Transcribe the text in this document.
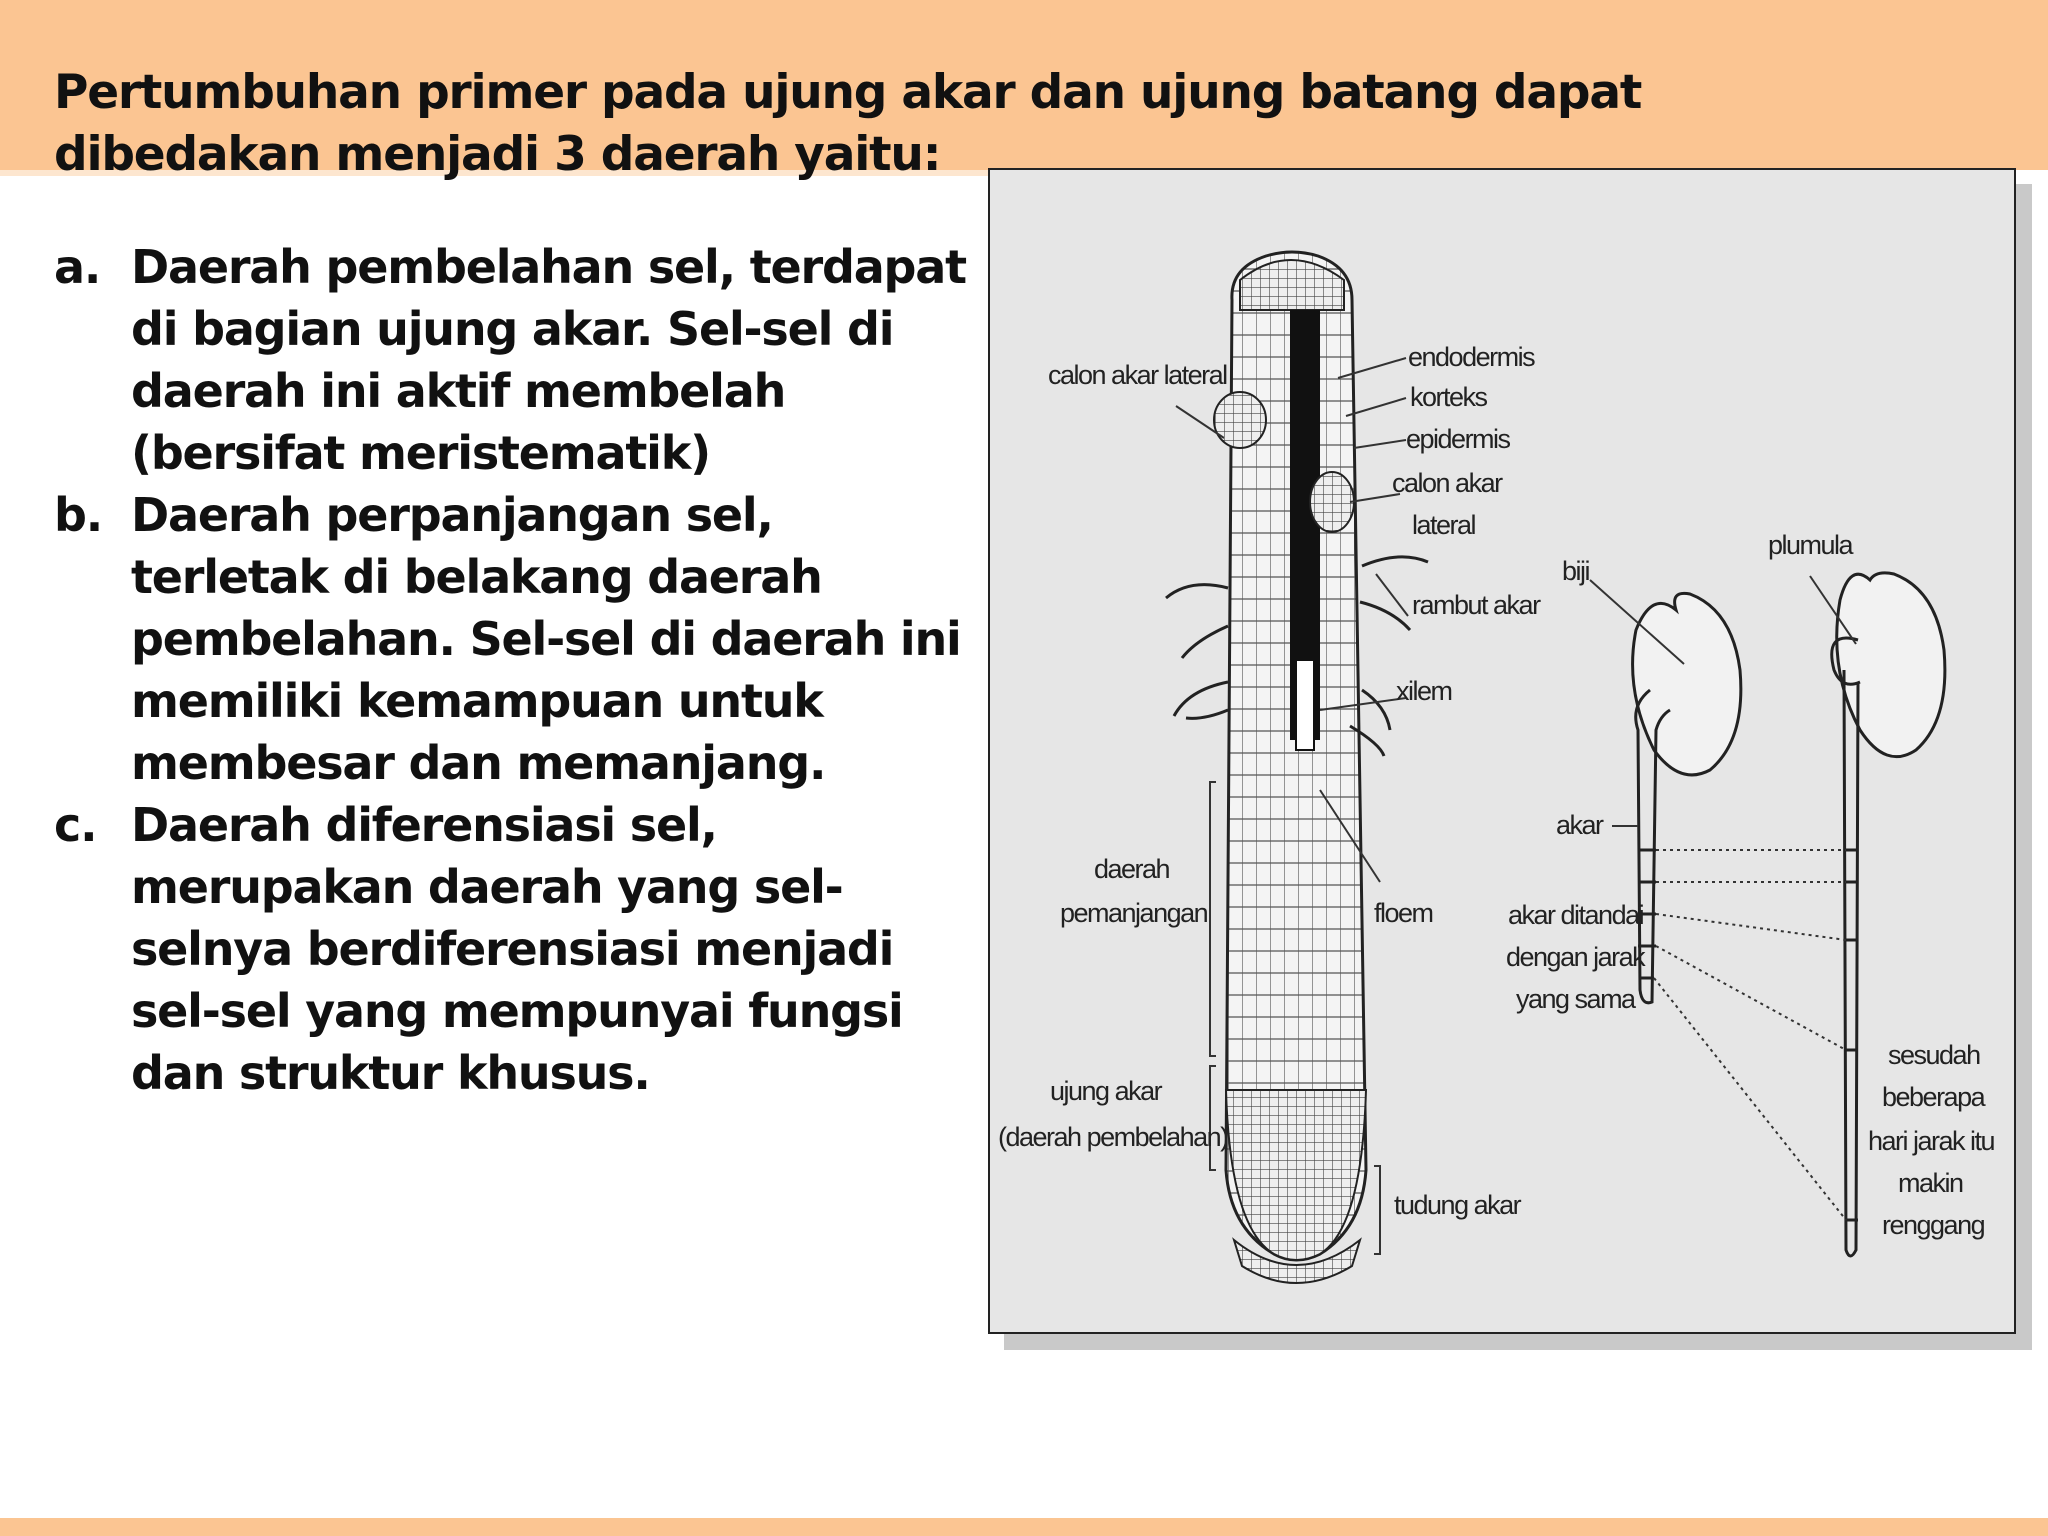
Pertumbuhan primer pada ujung akar dan ujung batang dapat dibedakan menjadi 3 daerah yaitu:
a. Daerah pembelahan sel, terdapat di bagian ujung akar. Sel-sel di daerah ini aktif membelah (bersifat meristematik)
b. Daerah perpanjangan sel, terletak di belakang daerah pembelahan. Sel-sel di daerah ini memiliki kemampuan untuk membesar dan memanjang.
c. Daerah diferensiasi sel, merupakan daerah yang sel-selnya berdiferensiasi menjadi sel-sel yang mempunyai fungsi dan struktur khusus.
calon akar lateral
endodermis
korteks
epidermis
calon akar
lateral
rambut akar
xilem
daerah
pemanjangan	floem
ujung akar
(daerah pembelahan)
tudung akar
biji
plumula
akar
akar ditandai
dengan jarak
yang sama
sesudah
beberapa
hari jarak itu
makin
renggang
